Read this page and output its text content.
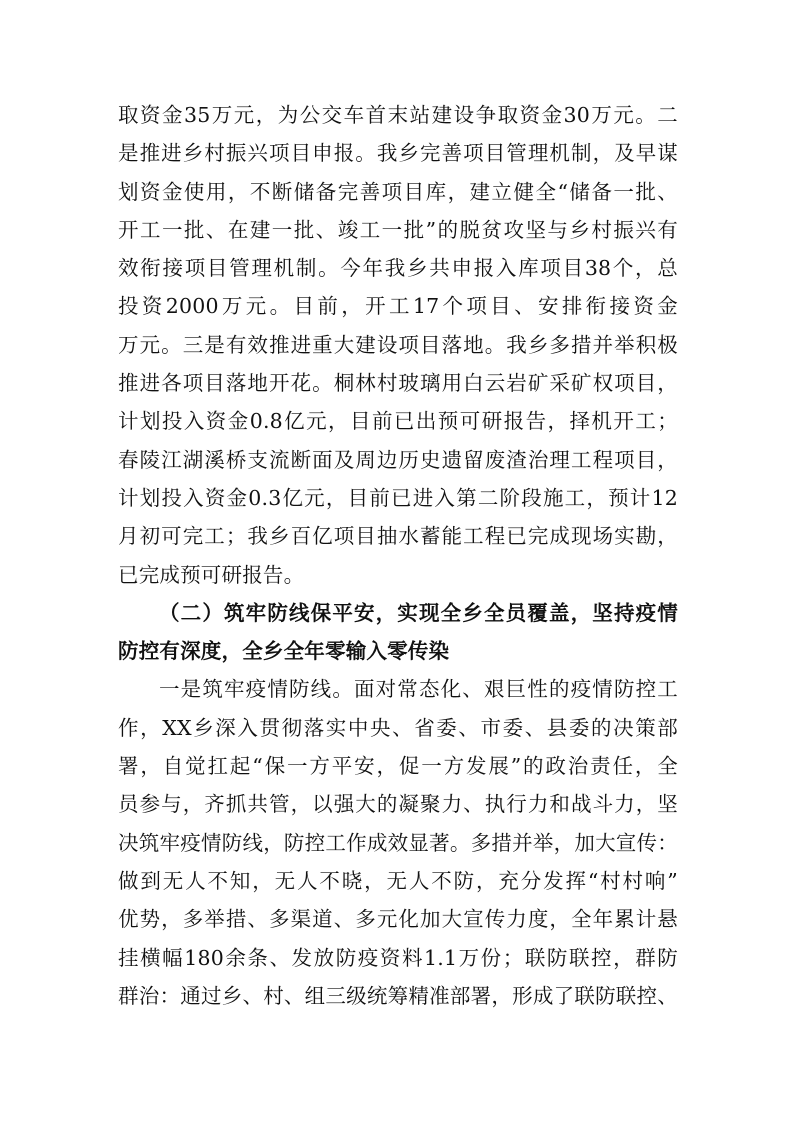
取资金35万元，为公交车首末站建设争取资金30万元。二
是推进乡村振兴项目申报。我乡完善项目管理机制，及早谋
划资金使用，不断储备完善项目库，建立健全“储备一批、
开工一批、在建一批、竣工一批”的脱贫攻坚与乡村振兴有
效衔接项目管理机制。今年我乡共申报入库项目38个，总
投资2000万元。目前，开工17个项目、安排衔接资金
万元。三是有效推进重大建设项目落地。我乡多措并举积极
推进各项目落地开花。桐林村玻璃用白云岩矿采矿权项目，
计划投入资金0.8亿元，目前已出预可研报告，择机开工；
春陵江湖溪桥支流断面及周边历史遗留废渣治理工程项目，
计划投入资金0.3亿元，目前已进入第二阶段施工，预计12
月初可完工；我乡百亿项目抽水蓄能工程已完成现场实勘，
已完成预可研报告。
（二）筑牢防线保平安，实现全乡全员覆盖，坚持疫情
防控有深度，全乡全年零输入零传染
一是筑牢疫情防线。面对常态化、艰巨性的疫情防控工
作，XX乡深入贯彻落实中央、省委、市委、县委的决策部
署，自觉扛起“保一方平安，促一方发展”的政治责任，全
员参与，齐抓共管，以强大的凝聚力、执行力和战斗力，坚
决筑牢疫情防线，防控工作成效显著。多措并举，加大宣传：
做到无人不知，无人不晓，无人不防，充分发挥“村村响”
优势，多举措、多渠道、多元化加大宣传力度，全年累计悬
挂横幅180余条、发放防疫资料1.1万份；联防联控，群防
群治：通过乡、村、组三级统筹精准部署，形成了联防联控、
